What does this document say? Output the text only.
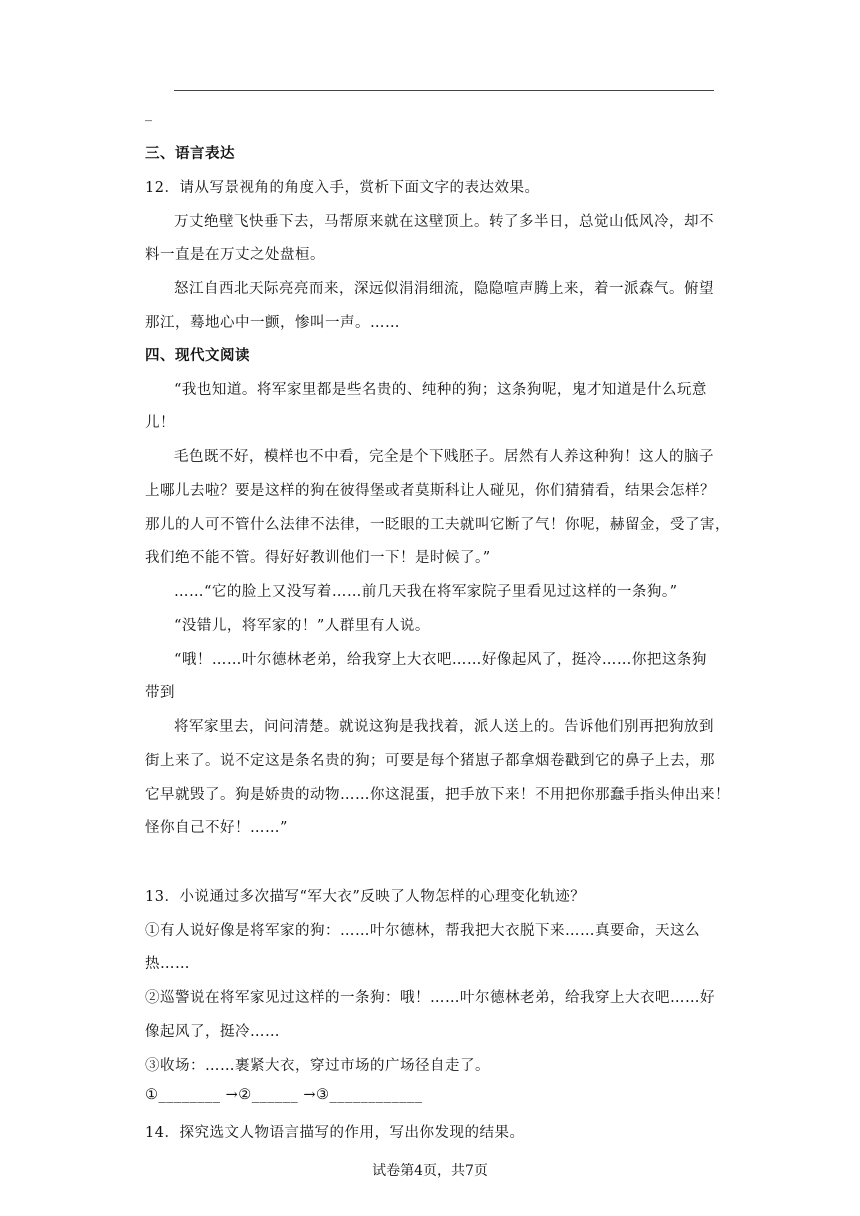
_
三、语言表达
12．请从写景视角的角度入手，赏析下面文字的表达效果。
万丈绝壁飞快垂下去，马帮原来就在这壁顶上。转了多半日，总觉山低风冷，却不
料一直是在万丈之处盘桓。
怒江自西北天际亮亮而来，深远似涓涓细流，隐隐喧声腾上来，着一派森气。俯望
那江，蓦地心中一颤，惨叫一声。……
四、现代文阅读
“我也知道。将军家里都是些名贵的、纯种的狗；这条狗呢，鬼才知道是什么玩意
儿！
毛色既不好，模样也不中看，完全是个下贱胚子。居然有人养这种狗！这人的脑子
上哪儿去啦？要是这样的狗在彼得堡或者莫斯科让人碰见，你们猜猜看，结果会怎样？
那儿的人可不管什么法律不法律，一眨眼的工夫就叫它断了气！你呢，赫留金，受了害，
我们绝不能不管。得好好教训他们一下！是时候了。”
……“它的脸上又没写着……前几天我在将军家院子里看见过这样的一条狗。”
“没错儿，将军家的！”人群里有人说。
“哦！……叶尔德林老弟，给我穿上大衣吧……好像起风了，挺冷……你把这条狗
带到
将军家里去，问问清楚。就说这狗是我找着，派人送上的。告诉他们别再把狗放到
街上来了。说不定这是条名贵的狗；可要是每个猪崽子都拿烟卷戳到它的鼻子上去，那
它早就毁了。狗是娇贵的动物……你这混蛋，把手放下来！不用把你那蠢手指头伸出来！
怪你自己不好！……”
13．小说通过多次描写“军大衣”反映了人物怎样的心理变化轨迹？
①有人说好像是将军家的狗：……叶尔德林，帮我把大衣脱下来……真要命，天这么
热……
②巡警说在将军家见过这样的一条狗：哦！……叶尔德林老弟，给我穿上大衣吧……好
像起风了，挺冷……
③收场：……裹紧大衣，穿过市场的广场径自走了。
①________ →②______ →③____________
14．探究选文人物语言描写的作用，写出你发现的结果。
试卷第4页，共7页
